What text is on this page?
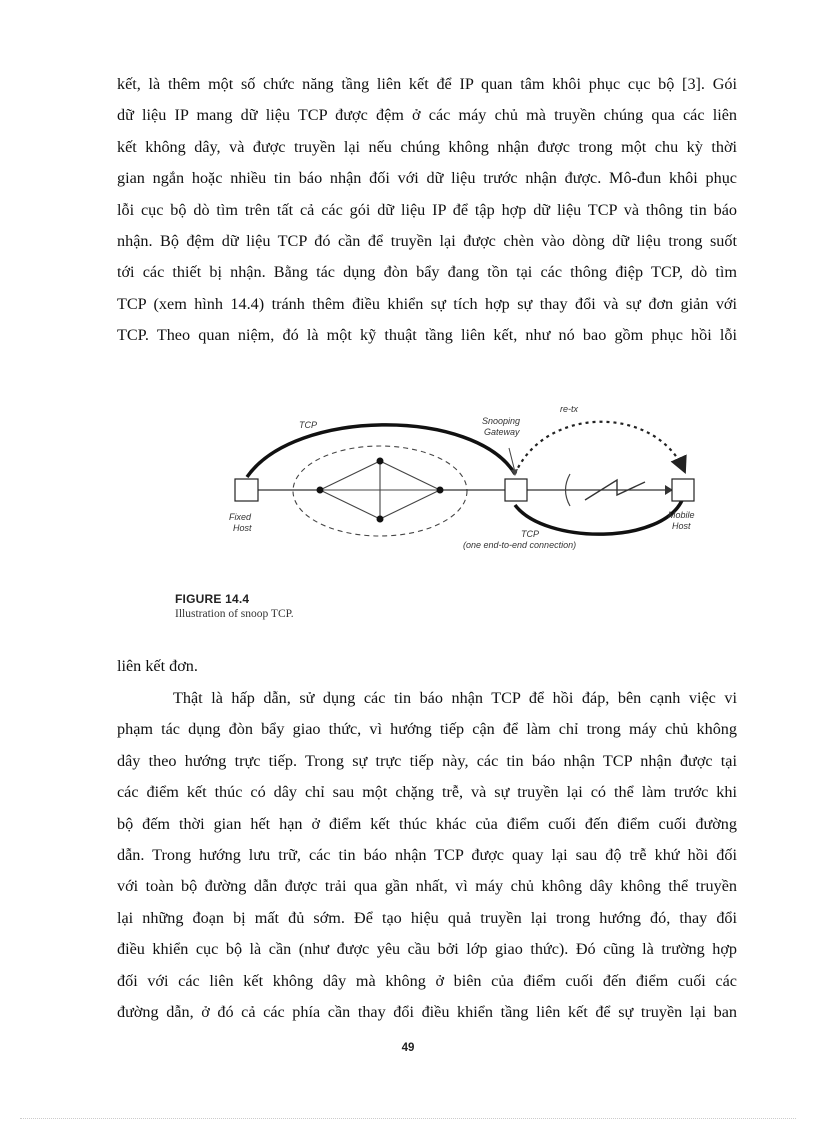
kết, là thêm một số chức năng tầng liên kết để IP quan tâm khôi phục cục bộ [3]. Gói
dữ liệu IP mang dữ liệu TCP được đệm ở các máy chủ mà truyền chúng qua các liên
kết không dây, và được truyền lại nếu chúng không nhận được trong một chu kỳ thời
gian ngắn hoặc nhiều tin báo nhận đối với dữ liệu trước nhận được. Mô-đun khôi phục
lỗi cục bộ dò tìm trên tất cả các gói dữ liệu IP để tập hợp dữ liệu TCP và thông tin báo
nhận. Bộ đệm dữ liệu TCP đó cần để truyền lại được chèn vào dòng dữ liệu trong suốt
tới các thiết bị nhận. Bằng tác dụng đòn bẩy đang tồn tại các thông điệp TCP, dò tìm
TCP (xem hình 14.4) tránh thêm điều khiển sự tích hợp sự thay đổi và sự đơn giản với
TCP. Theo quan niệm, đó là một kỹ thuật tầng liên kết, như nó bao gồm phục hồi lỗi
TCP	Snooping
Gateway
re-tx
Fixed
Host
Mobile
Host
TCP
(one end-to-end connection)
FIGURE 14.4
Illustration of snoop TCP.
liên kết đơn.
Thật là hấp dẫn, sử dụng các tin báo nhận TCP để hồi đáp, bên cạnh việc vi
phạm tác dụng đòn bẩy giao thức, vì hướng tiếp cận để làm chỉ trong máy chủ không
dây theo hướng trực tiếp. Trong sự trực tiếp này, các tin báo nhận TCP nhận được tại
các điểm kết thúc có dây chỉ sau một chặng trễ, và sự truyền lại có thể làm trước khi
bộ đếm thời gian hết hạn ở điểm kết thúc khác của điểm cuối đến điểm cuối đường
dẫn. Trong hướng lưu trữ, các tin báo nhận TCP được quay lại sau độ trễ khứ hồi đối
với toàn bộ đường dẫn được trải qua gần nhất, vì máy chủ không dây không thể truyền
lại những đoạn bị mất đủ sớm. Để tạo hiệu quả truyền lại trong hướng đó, thay đổi
điều khiển cục bộ là cần (như được yêu cầu bởi lớp giao thức). Đó cũng là trường hợp
đối với các liên kết không dây mà không ở biên của điểm cuối đến điểm cuối các
đường dẫn, ở đó cả các phía cần thay đổi điều khiển tầng liên kết để sự truyền lại ban
49
